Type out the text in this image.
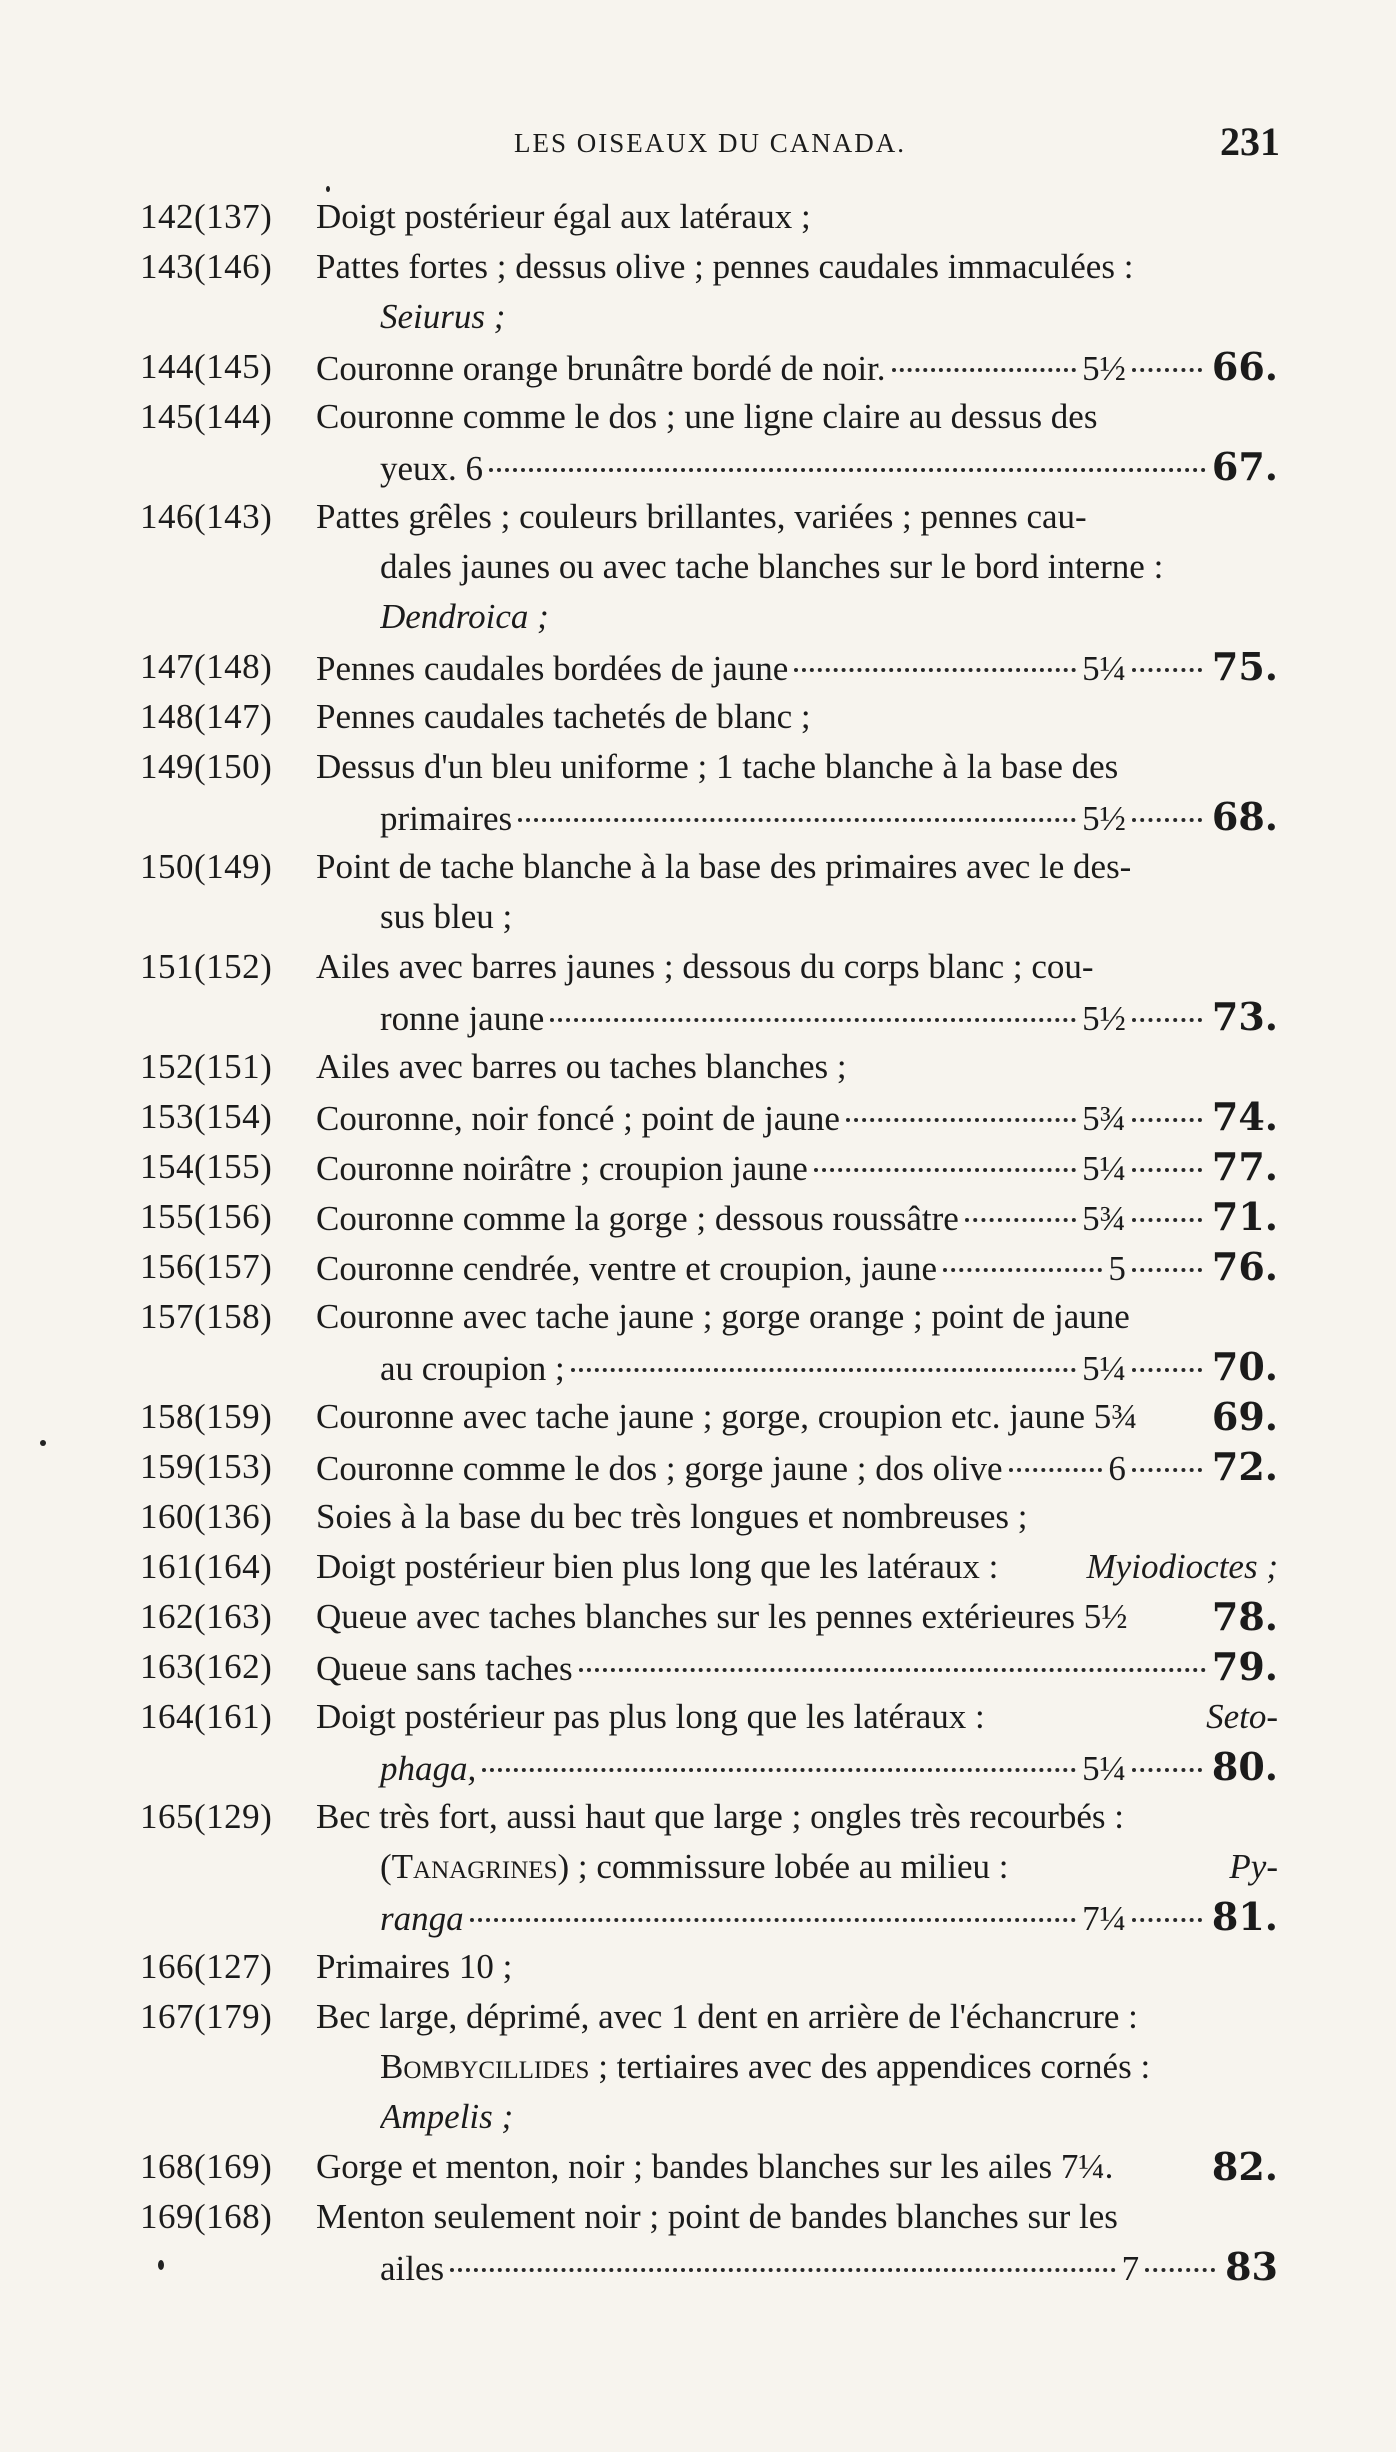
LES OISEAUX DU CANADA.	231
142(137)	Doigt postérieur égal aux latéraux ;
143(146)	Pattes fortes ; dessus olive ; pennes caudales immaculées :
Seiurus ;
144(145)	Couronne orange brunâtre bordé de noir.	5½ 66.
145(144)	Couronne comme le dos ; une ligne claire au dessus des
yeux. 6	67.
146(143)	Pattes grêles ; couleurs brillantes, variées ; pennes cau-
dales jaunes ou avec tache blanches sur le bord interne :
Dendroica ;
147(148)	Pennes caudales bordées de jaune	5¼ 75.
148(147)	Pennes caudales tachetés de blanc ;
149(150)	Dessus d'un bleu uniforme ; 1 tache blanche à la base des
primaires	5½ 68.
150(149)	Point de tache blanche à la base des primaires avec le des-
sus bleu ;
151(152)	Ailes avec barres jaunes ; dessous du corps blanc ; cou-
ronne jaune	5½ 73.
152(151)	Ailes avec barres ou taches blanches ;
153(154)	Couronne, noir foncé ; point de jaune	5¾ 74.
154(155)	Couronne noirâtre ; croupion jaune	5¼ 77.
155(156)	Couronne comme la gorge ; dessous roussâtre	5¾ 71.
156(157)	Couronne cendrée, ventre et croupion, jaune	5 76.
157(158)	Couronne avec tache jaune ; gorge orange ; point de jaune
au croupion ;	5¼ 70.
158(159)	Couronne avec tache jaune ; gorge, croupion etc. jaune 5¾	69.
159(153)	Couronne comme le dos ; gorge jaune ; dos olive	6 72.
160(136)	Soies à la base du bec très longues et nombreuses ;
161(164)	Doigt postérieur bien plus long que les latéraux :	Myiodioctes ;
162(163)	Queue avec taches blanches sur les pennes extérieures 5½	78.
163(162)	Queue sans taches	79.
164(161)	Doigt postérieur pas plus long que les latéraux :	Seto-
phaga,	5¼ 80.
165(129)	Bec très fort, aussi haut que large ; ongles très recourbés :
(Tanagrines) ; commissure lobée au milieu :	Py-
ranga	7¼ 81.
166(127)	Primaires 10 ;
167(179)	Bec large, déprimé, avec 1 dent en arrière de l'échancrure :
Bombycillides ; tertiaires avec des appendices cornés :
Ampelis ;
168(169)	Gorge et menton, noir ; bandes blanches sur les ailes 7¼.	82.
169(168)	Menton seulement noir ; point de bandes blanches sur les
ailes	7 83
